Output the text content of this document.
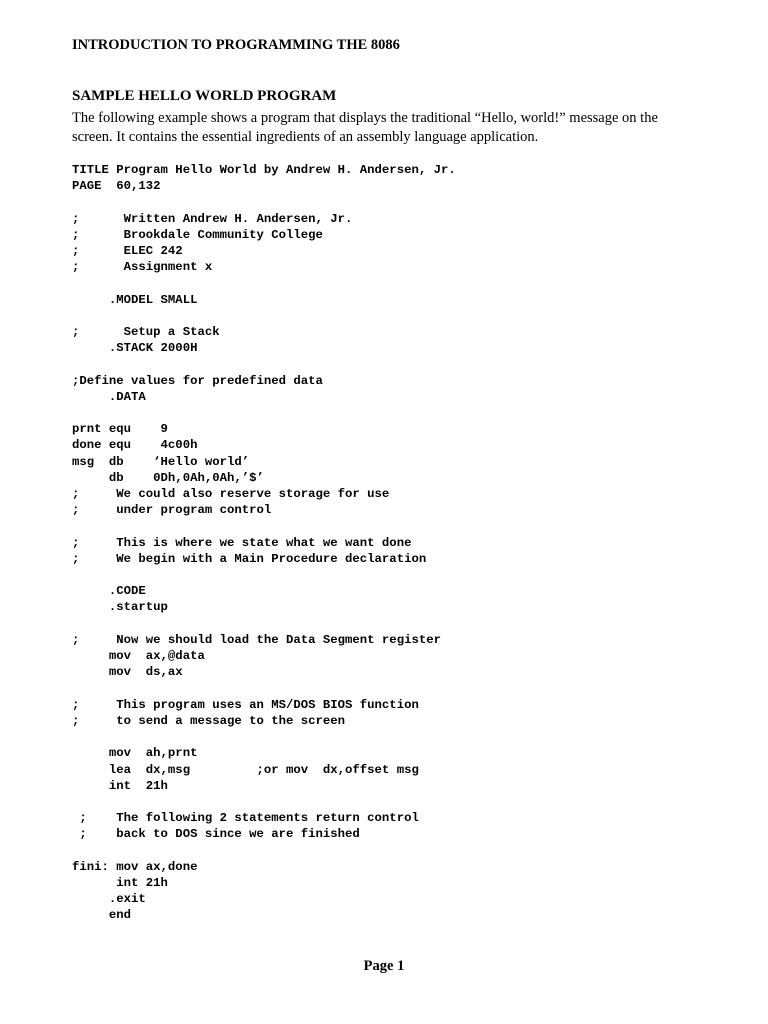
INTRODUCTION TO PROGRAMMING THE 8086
SAMPLE HELLO WORLD PROGRAM

The following example shows a program that displays the traditional “Hello, world!” message on the
screen. It contains the essential ingredients of an assembly language application.

TITLE Program Hello World by Andrew H. Andersen, Jr.
PAGE  60,132

;      Written Andrew H. Andersen, Jr.
;      Brookdale Community College
;      ELEC 242
;      Assignment x

.MODEL SMALL

;      Setup a Stack
.STACK 2000H

;Define values for predefined data
.DATA

prnt equ    9
done equ    4c00h
msg  db    ‘Hello world’
db    0Dh,0Ah,0Ah,’$’
;     We could also reserve storage for use
;     under program control

;     This is where we state what we want done
;     We begin with a Main Procedure declaration

.CODE
.startup

;     Now we should load the Data Segment register
mov  ax,@data
mov  ds,ax

;     This program uses an MS/DOS BIOS function
;     to send a message to the screen

mov  ah,prnt
lea  dx,msg         ;or mov  dx,offset msg
int  21h

;    The following 2 statements return control
;    back to DOS since we are finished

fini: mov ax,done
int 21h
.exit
end
Page 1
